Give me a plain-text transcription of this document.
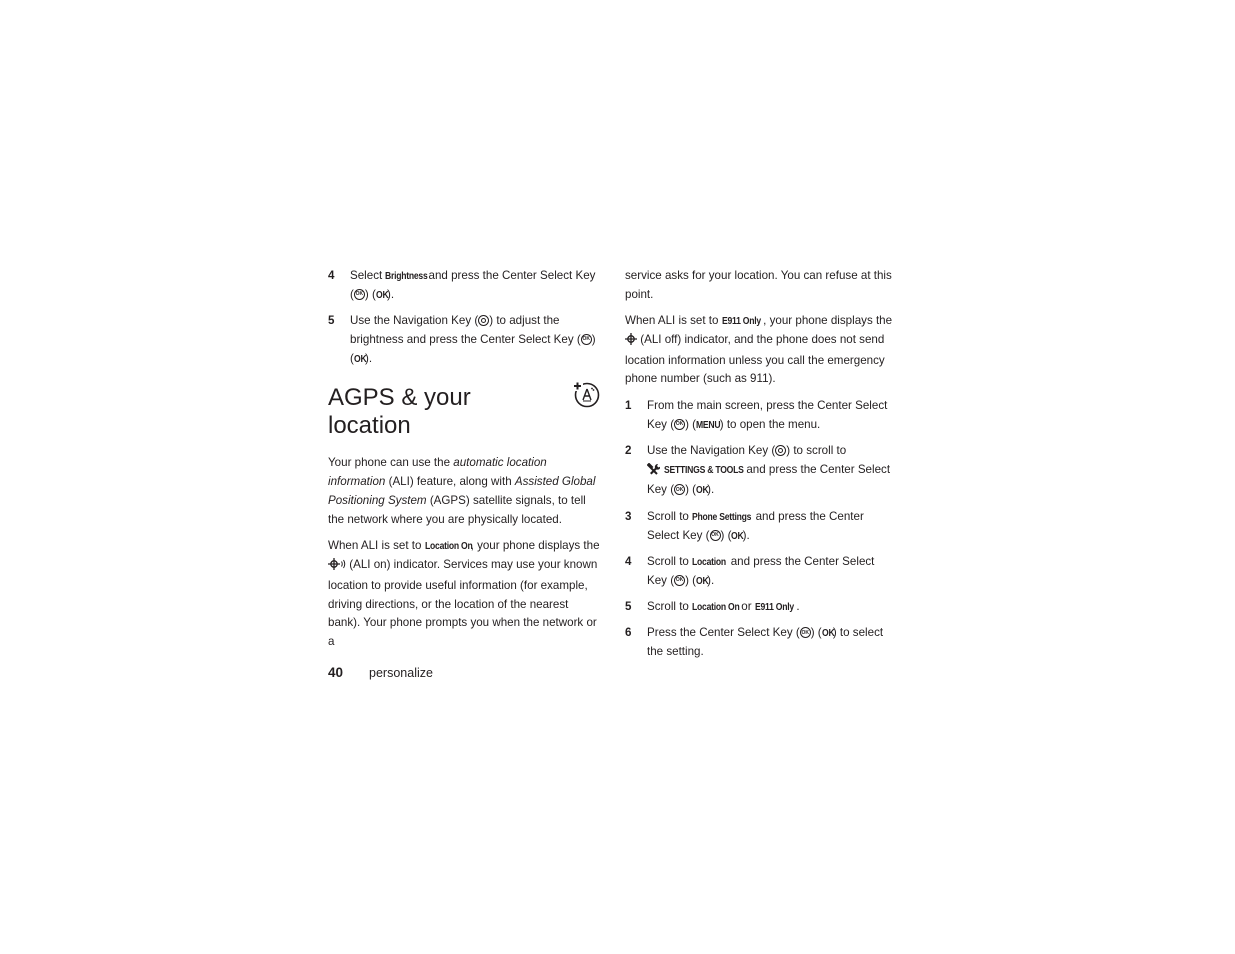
4 Select Brightness and press the Center Select Key ( OK ) (OK).
5 Use the Navigation Key ( ) to adjust the brightness and press the Center Select Key (OK ) (OK).
AGPS & your location

Your phone can use the automatic location information (ALI) feature, along with Assisted Global Positioning System (AGPS) satellite signals, to tell the network where you are physically located.

When ALI is set to Location On, your phone displays the  (ALI on) indicator. Services may use your known location to provide useful information (for example, driving directions, or the location of the nearest bank). Your phone prompts you when the network or a

service asks for your location. You can refuse at this point.

When ALI is set to E911 Only , your phone displays the  (ALI off) indicator, and the phone does not send location information unless you call the emergency phone number (such as 911).

1 From the main screen, press the Center Select Key ( OK ) (MENU) to open the menu.
2 Use the Navigation Key ( ) to scroll to
SETTINGS & TOOLS and press the Center Select Key ( OK ) (OK).
3 Scroll to Phone Settings and press the Center Select Key ( OK ) (OK).
4 Scroll to Location and press the Center Select Key ( OK ) (OK).
5 Scroll to Location On or E911 Only .
6 Press the Center Select Key ( OK ) (OK) to select the setting.
40 personalize
